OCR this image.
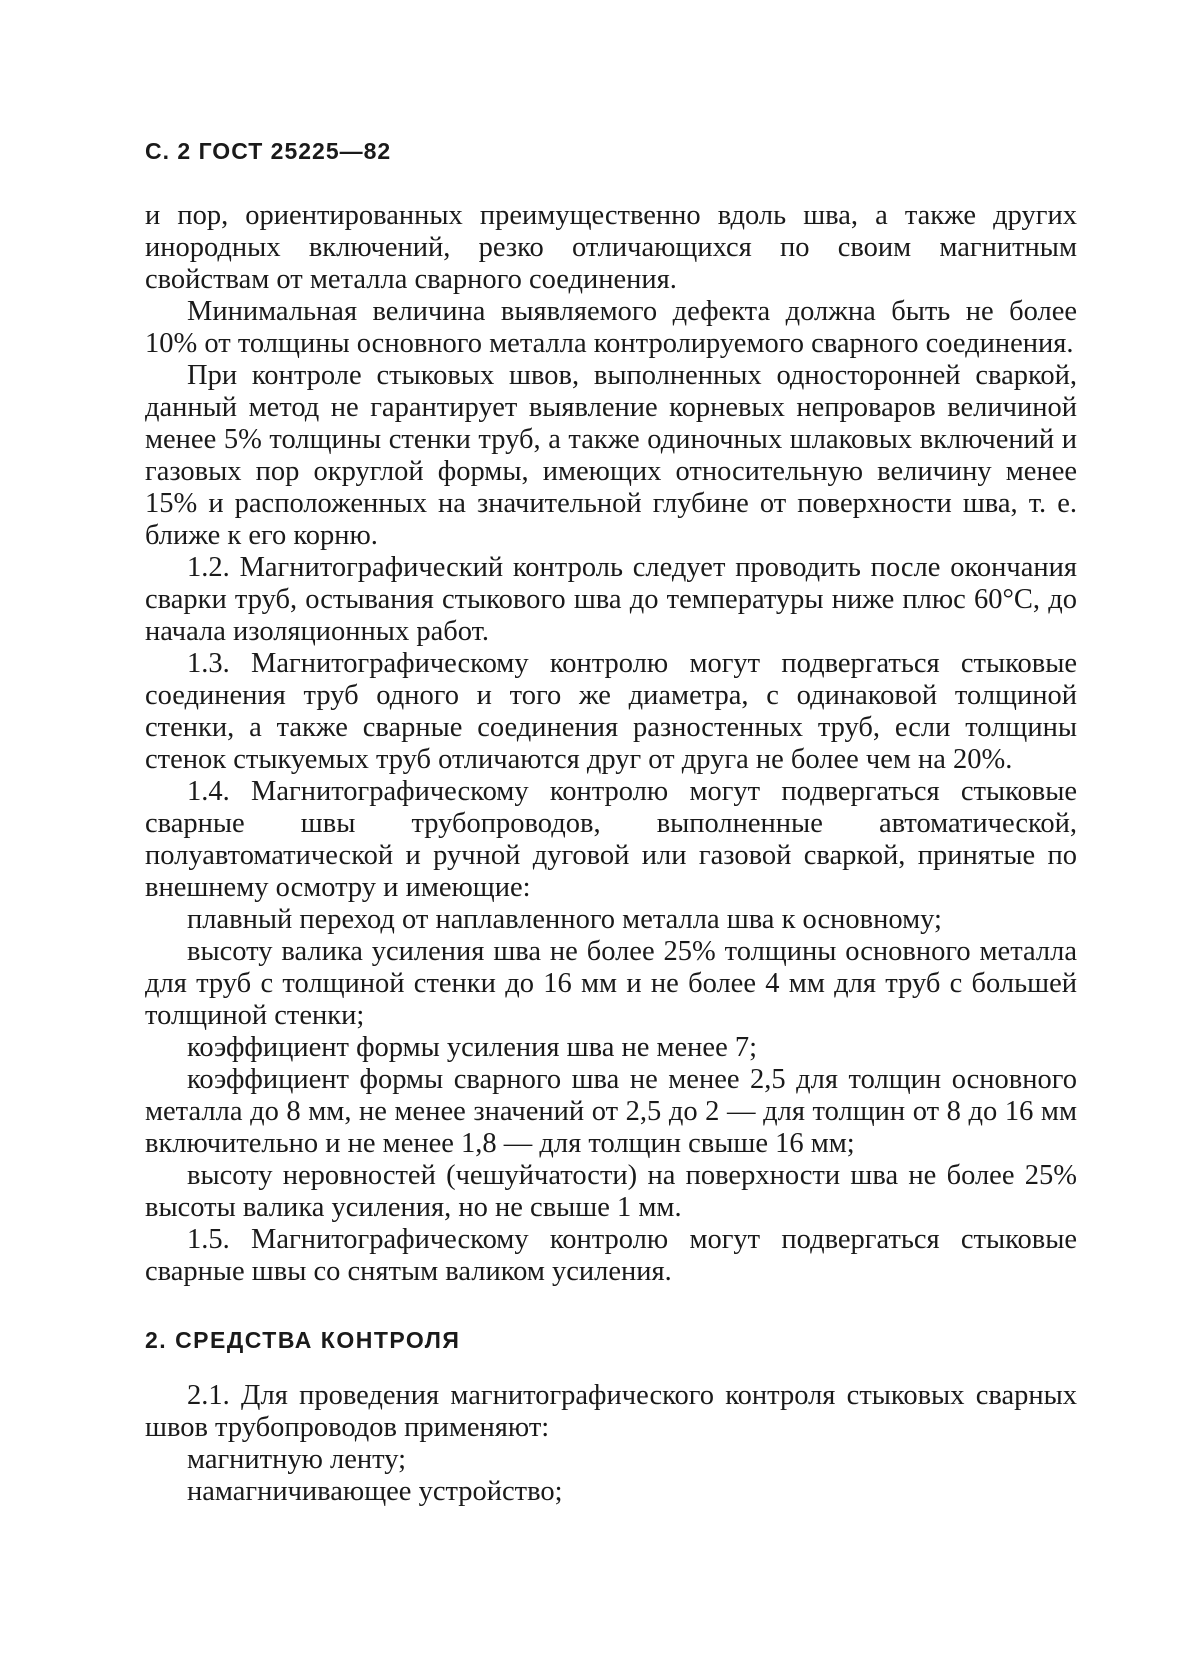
С. 2 ГОСТ 25225—82

и пор, ориентированных преимущественно вдоль шва, а также других инородных включений, резко отличающихся по своим магнитным свойствам от металла сварного соединения.

Минимальная величина выявляемого дефекта должна быть не более 10% от толщины основного металла контролируемого сварного соединения.

При контроле стыковых швов, выполненных односторонней сваркой, данный метод не гарантирует выявление корневых непроваров величиной менее 5% толщины стенки труб, а также одиночных шлаковых включений и газовых пор округлой формы, имеющих относительную величину менее 15% и расположенных на значительной глубине от поверхности шва, т. е. ближе к его корню.

1.2. Магнитографический контроль следует проводить после окончания сварки труб, остывания стыкового шва до температуры ниже плюс 60°С, до начала изоляционных работ.

1.3. Магнитографическому контролю могут подвергаться стыковые соединения труб одного и того же диаметра, с одинаковой толщиной стенки, а также сварные соединения разностенных труб, если толщины стенок стыкуемых труб отличаются друг от друга не более чем на 20%.

1.4. Магнитографическому контролю могут подвергаться стыковые сварные швы трубопроводов, выполненные автоматической, полуавтоматической и ручной дуговой или газовой сваркой, принятые по внешнему осмотру и имеющие:

плавный переход от наплавленного металла шва к основному;

высоту валика усиления шва не более 25% толщины основного металла для труб с толщиной стенки до 16 мм и не более 4 мм для труб с большей толщиной стенки;

коэффициент формы усиления шва не менее 7;

коэффициент формы сварного шва не менее 2,5 для толщин основного металла до 8 мм, не менее значений от 2,5 до 2 — для толщин от 8 до 16 мм включительно и не менее 1,8 — для толщин свыше 16 мм;

высоту неровностей (чешуйчатости) на поверхности шва не более 25% высоты валика усиления, но не свыше 1 мм.

1.5. Магнитографическому контролю могут подвергаться стыковые сварные швы со снятым валиком усиления.

2. СРЕДСТВА КОНТРОЛЯ

2.1. Для проведения магнитографического контроля стыковых сварных швов трубопроводов применяют:

магнитную ленту;

намагничивающее устройство;
